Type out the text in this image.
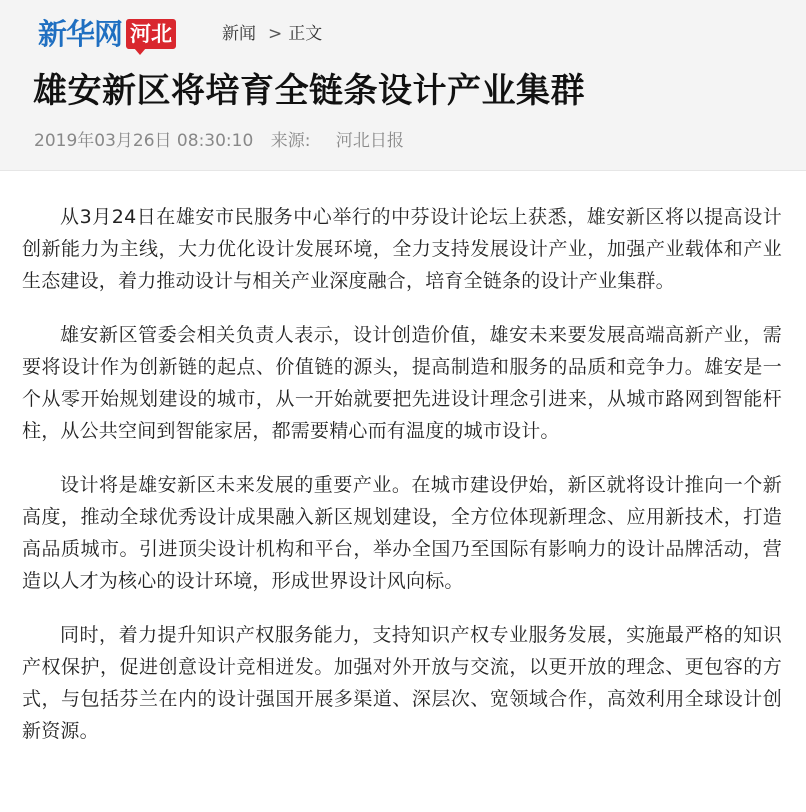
新华网 河北	新闻 > 正文
雄安新区将培育全链条设计产业集群
2019年03月26日 08:30:10 来源: 河北日报

从3月24日在雄安市民服务中心举行的中芬设计论坛上获悉，雄安新区将以提高设计创新能力为主线，大力优化设计发展环境，全力支持发展设计产业，加强产业载体和产业生态建设，着力推动设计与相关产业深度融合，培育全链条的设计产业集群。

雄安新区管委会相关负责人表示，设计创造价值，雄安未来要发展高端高新产业，需要将设计作为创新链的起点、价值链的源头，提高制造和服务的品质和竞争力。雄安是一个从零开始规划建设的城市，从一开始就要把先进设计理念引进来，从城市路网到智能杆柱，从公共空间到智能家居，都需要精心而有温度的城市设计。

设计将是雄安新区未来发展的重要产业。在城市建设伊始，新区就将设计推向一个新高度，推动全球优秀设计成果融入新区规划建设，全方位体现新理念、应用新技术，打造高品质城市。引进顶尖设计机构和平台，举办全国乃至国际有影响力的设计品牌活动，营造以人才为核心的设计环境，形成世界设计风向标。

同时，着力提升知识产权服务能力，支持知识产权专业服务发展，实施最严格的知识产权保护，促进创意设计竞相迸发。加强对外开放与交流，以更开放的理念、更包容的方式，与包括芬兰在内的设计强国开展多渠道、深层次、宽领域合作，高效利用全球设计创新资源。
